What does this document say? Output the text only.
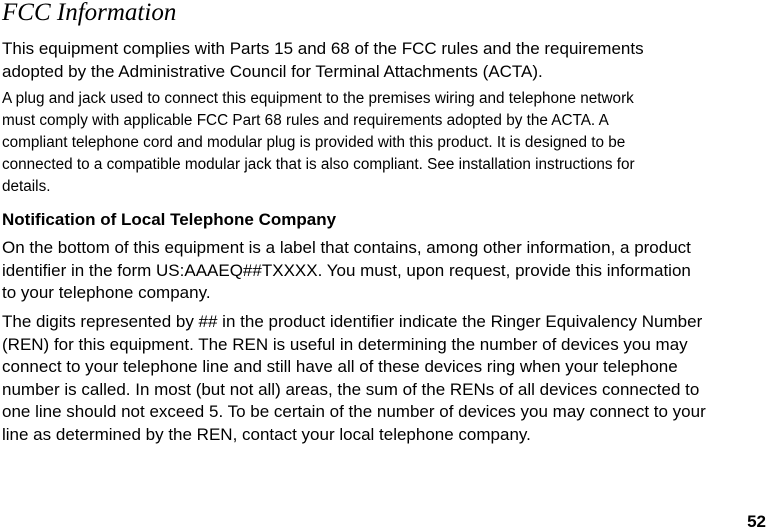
FCC Information

This equipment complies with Parts 15 and 68 of the FCC rules and the requirements
adopted by the Administrative Council for Terminal Attachments (ACTA).

A plug and jack used to connect this equipment to the premises wiring and telephone network
must comply with applicable FCC Part 68 rules and requirements adopted by the ACTA. A
compliant telephone cord and modular plug is provided with this product. It is designed to be
connected to a compatible modular jack that is also compliant. See installation instructions for
details.

Notification of Local Telephone Company

On the bottom of this equipment is a label that contains, among other information, a product
identifier in the form US:AAAEQ##TXXXX. You must, upon request, provide this information
to your telephone company.

The digits represented by ## in the product identifier indicate the Ringer Equivalency Number
(REN) for this equipment. The REN is useful in determining the number of devices you may
connect to your telephone line and still have all of these devices ring when your telephone
number is called. In most (but not all) areas, the sum of the RENs of all devices connected to
one line should not exceed 5. To be certain of the number of devices you may connect to your
line as determined by the REN, contact your local telephone company.

52
